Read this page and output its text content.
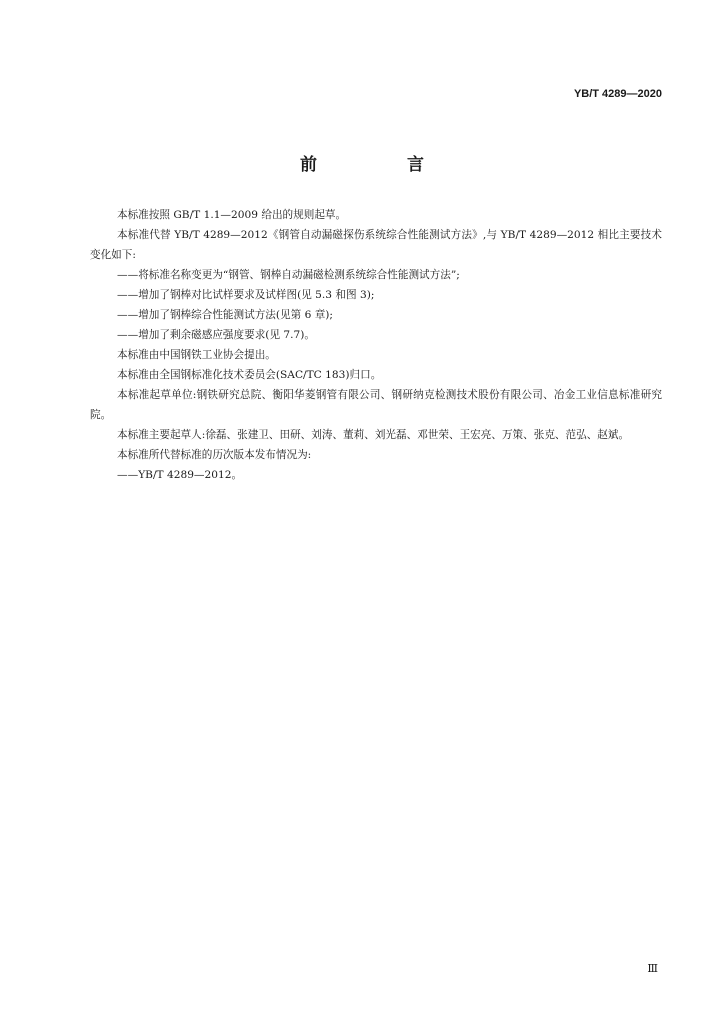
YB/T 4289—2020
前 言

本标准按照 GB/T 1.1—2009 给出的规则起草。

本标准代替 YB/T 4289—2012《钢管自动漏磁探伤系统综合性能测试方法》,与 YB/T 4289—2012 相比主要技术变化如下:

——将标准名称变更为“钢管、钢棒自动漏磁检测系统综合性能测试方法”;

——增加了钢棒对比试样要求及试样图(见 5.3 和图 3);

——增加了钢棒综合性能测试方法(见第 6 章);

——增加了剩余磁感应强度要求(见 7.7)。

本标准由中国钢铁工业协会提出。

本标准由全国钢标准化技术委员会(SAC/TC 183)归口。

本标准起草单位:钢铁研究总院、衡阳华菱钢管有限公司、钢研纳克检测技术股份有限公司、冶金工业信息标准研究院。

本标准主要起草人:徐磊、张建卫、田研、刘涛、董莉、刘光磊、邓世荣、王宏亮、万策、张克、范弘、赵斌。

本标准所代替标准的历次版本发布情况为:

——YB/T 4289—2012。

Ⅲ
